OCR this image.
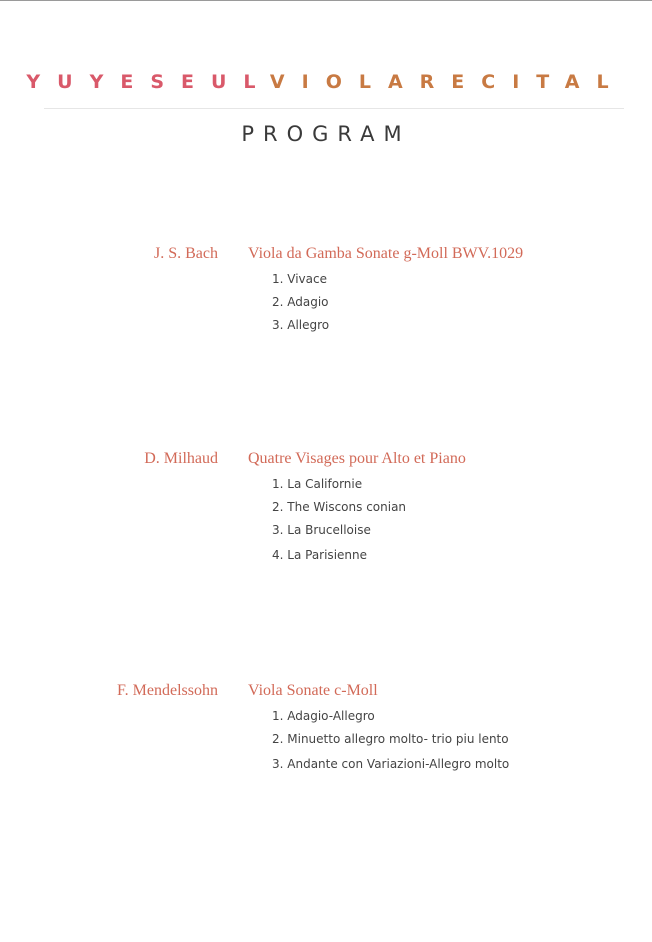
YUYESEULVIOLARECITAL
PROGRAM
J. S. Bach Viola da Gamba Sonate g-Moll BWV.1029
1. Vivace
2. Adagio
3. Allegro
D. Milhaud Quatre Visages pour Alto et Piano
1. La Californie
2. The Wiscons conian
3. La Brucelloise
4. La Parisienne
F. Mendelssohn Viola Sonate c-Moll
1. Adagio-Allegro
2. Minuetto allegro molto- trio piu lento
3. Andante con Variazioni-Allegro molto
